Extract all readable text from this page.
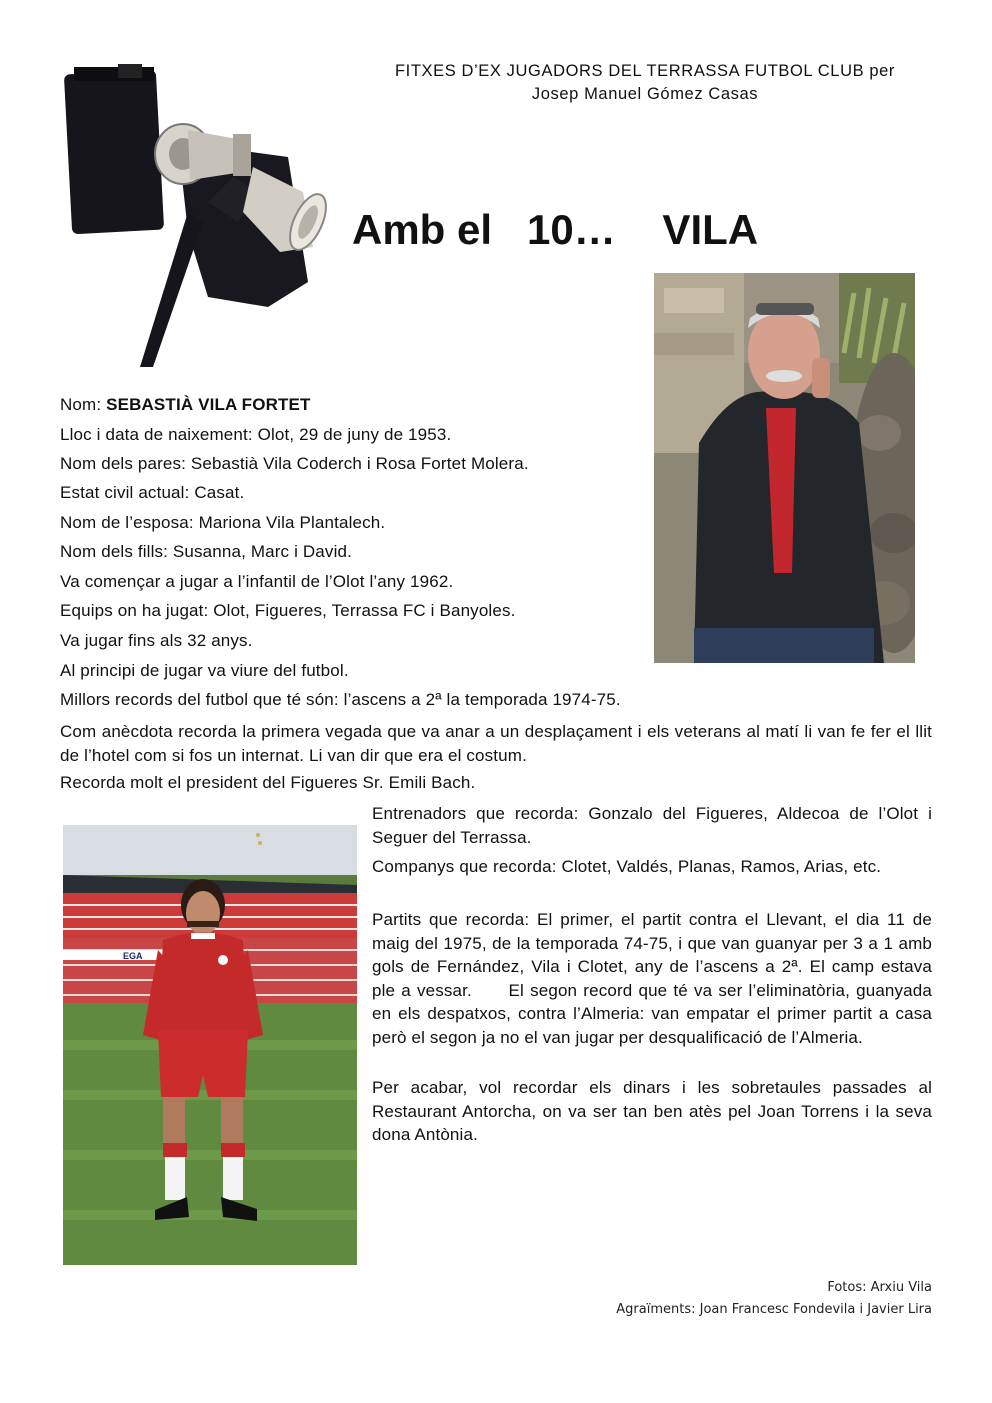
FITXES D’EX JUGADORS DEL TERRASSA FUTBOL CLUB per
Josep Manuel Gómez Casas
Amb el   10…    VILA
Nom: SEBASTIÀ VILA FORTET
Lloc i data de naixement: Olot, 29 de juny de 1953.
Nom dels pares: Sebastià Vila Coderch i Rosa Fortet Molera.
Estat civil actual: Casat.
Nom de l’esposa: Mariona Vila Plantalech.
Nom dels fills: Susanna, Marc i David.
Va començar a jugar a l’infantil de l’Olot l’any 1962.
Equips on ha jugat: Olot, Figueres, Terrassa FC i Banyoles.
Va jugar fins als 32 anys.
Al principi de jugar va viure del futbol.
Millors records del futbol que té són: l’ascens a 2ª la temporada 1974-75.
Com anècdota recorda la primera vegada que va anar a un desplaçament i els veterans al matí li van fe fer el llit de l’hotel com si fos un internat. Li van dir que era el costum.
Recorda molt el president del Figueres Sr. Emili Bach.
EGA
Entrenadors que recorda: Gonzalo del Figueres, Aldecoa de l’Olot i Seguer del Terrassa.
Companys que recorda: Clotet, Valdés, Planas, Ramos, Arias, etc.
Partits que recorda: El primer, el partit contra el Llevant, el dia 11 de maig del 1975, de la temporada 74-75, i que van guanyar per 3 a 1 amb gols de Fernández, Vila i Clotet, any de l’ascens a 2ª. El camp estava ple a vessar.      El segon record que té va ser l’eliminatòria, guanyada en els despatxos, contra l’Almeria: van empatar el primer partit a casa però el segon ja no el van jugar per desqualificació de l’Almeria.
Per acabar, vol recordar els dinars i les sobretaules passades al Restaurant Antorcha, on va ser tan ben atès pel Joan Torrens i la seva dona Antònia.
Fotos: Arxiu Vila
Agraïments: Joan Francesc Fondevila i Javier Lira
